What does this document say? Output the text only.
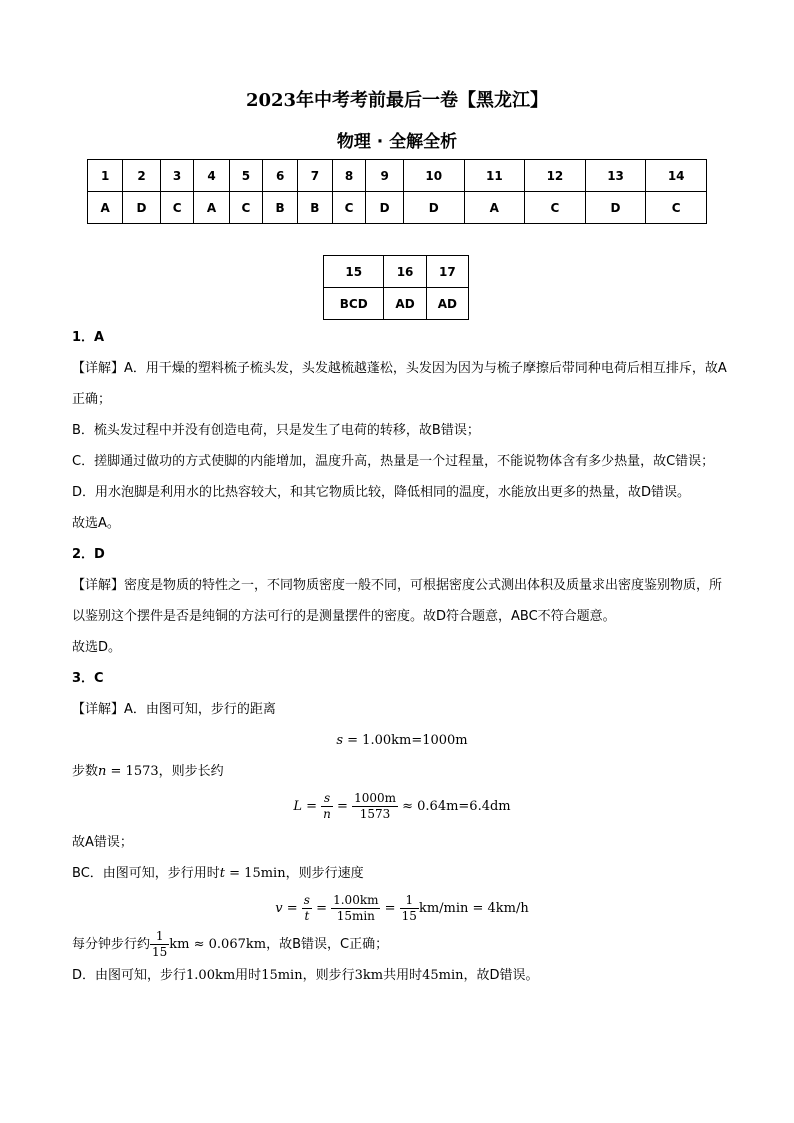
2023年中考考前最后一卷【黑龙江】
物理 · 全解全析
1	2	3	4	5	6	7	8	9	10	11	12	13	14
A	D	C	A	C	B	B	C	D	D	A	C	D	C
15	16	17
BCD	AD	AD

1．A

【详解】A．用干燥的塑料梳子梳头发，头发越梳越蓬松，头发因为因为与梳子摩擦后带同种电荷后相互排斥，故A正确；

B．梳头发过程中并没有创造电荷，只是发生了电荷的转移，故B错误；

C．搓脚通过做功的方式使脚的内能增加，温度升高，热量是一个过程量，不能说物体含有多少热量，故C错误；

D．用水泡脚是利用水的比热容较大，和其它物质比较，降低相同的温度，水能放出更多的热量，故D错误。

故选A。

2．D

【详解】密度是物质的特性之一，不同物质密度一般不同，可根据密度公式测出体积及质量求出密度鉴别物质，所以鉴别这个摆件是否是纯铜的方法可行的是测量摆件的密度。故D符合题意，ABC不符合题意。

故选D。

3．C

【详解】A．由图可知，步行的距离

s = 1.00km=1000m

步数n = 1573，则步长约

$L = \frac{s}{n} = \frac{1000m}{1573} \approx 0.64m=6.4dm$

故A错误；

BC．由图可知，步行用时t = 15min，则步行速度

$v = \frac{s}{t} = \frac{1.00km}{15\min} = \frac{1}{15} km/\min = 4km/h$

每分钟步行约 $\frac{1}{15}$ km ≈ 0.067km，故B错误，C正确；

D．由图可知，步行1.00km用时15min，则步行3km共用时45min，故D错误。
